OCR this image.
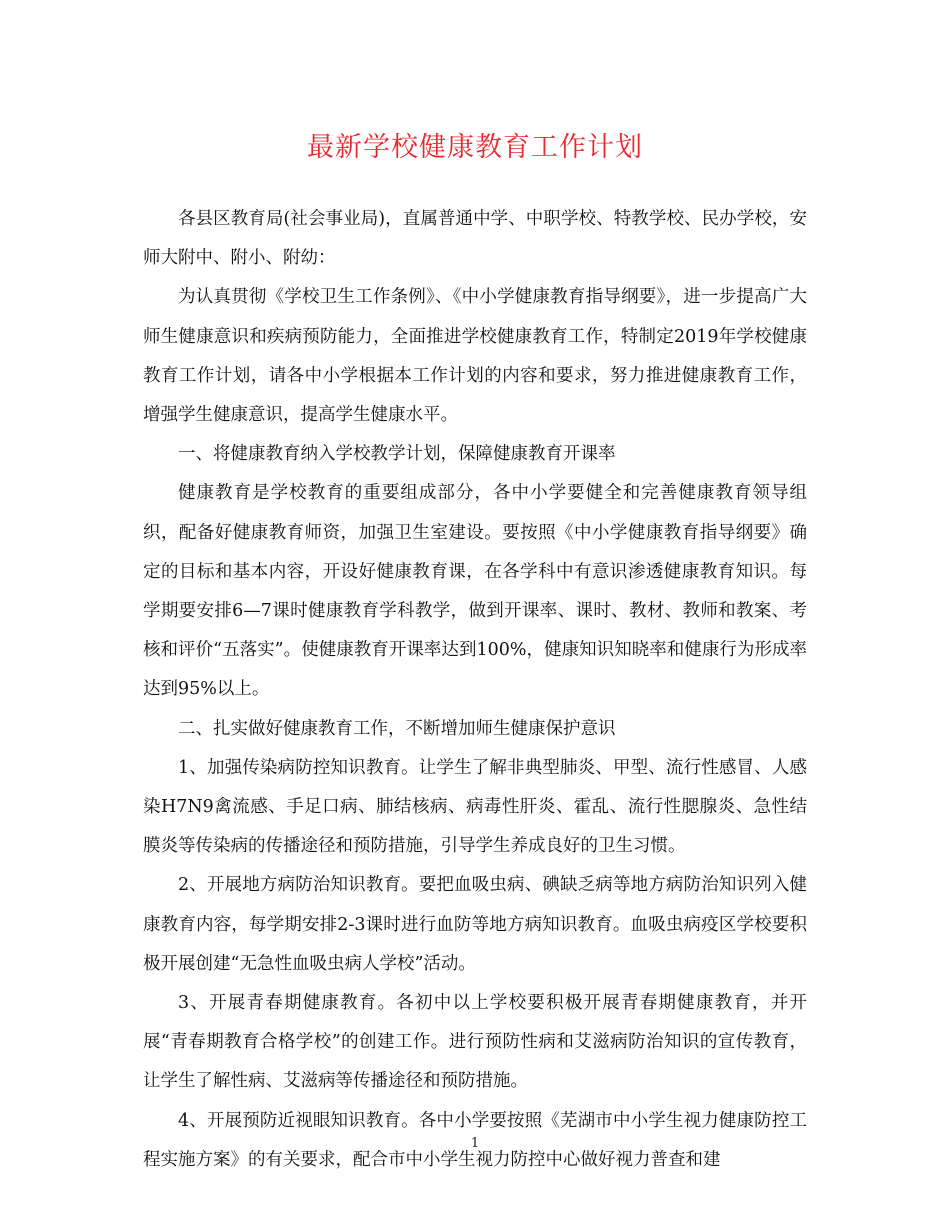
最新学校健康教育工作计划

各县区教育局(社会事业局)，直属普通中学、中职学校、特教学校、民办学校，安师大附中、附小、附幼：

为认真贯彻《学校卫生工作条例》、《中小学健康教育指导纲要》，进一步提高广大师生健康意识和疾病预防能力，全面推进学校健康教育工作，特制定2019年学校健康教育工作计划，请各中小学根据本工作计划的内容和要求，努力推进健康教育工作，增强学生健康意识，提高学生健康水平。

一、将健康教育纳入学校教学计划，保障健康教育开课率

健康教育是学校教育的重要组成部分，各中小学要健全和完善健康教育领导组织，配备好健康教育师资，加强卫生室建设。要按照《中小学健康教育指导纲要》确定的目标和基本内容，开设好健康教育课，在各学科中有意识渗透健康教育知识。每学期要安排6—7课时健康教育学科教学，做到开课率、课时、教材、教师和教案、考核和评价“五落实”。使健康教育开课率达到100%，健康知识知晓率和健康行为形成率达到95%以上。

二、扎实做好健康教育工作，不断增加师生健康保护意识

1、加强传染病防控知识教育。让学生了解非典型肺炎、甲型、流行性感冒、人感染H7N9禽流感、手足口病、肺结核病、病毒性肝炎、霍乱、流行性腮腺炎、急性结膜炎等传染病的传播途径和预防措施，引导学生养成良好的卫生习惯。

2、开展地方病防治知识教育。要把血吸虫病、碘缺乏病等地方病防治知识列入健康教育内容，每学期安排2-3课时进行血防等地方病知识教育。血吸虫病疫区学校要积极开展创建“无急性血吸虫病人学校”活动。

3、开展青春期健康教育。各初中以上学校要积极开展青春期健康教育，并开展“青春期教育合格学校”的创建工作。进行预防性病和艾滋病防治知识的宣传教育，让学生了解性病、艾滋病等传播途径和预防措施。

4、开展预防近视眼知识教育。各中小学要按照《芜湖市中小学生视力健康防控工程实施方案》的有关要求，配合市中小学生视力防控中心做好视力普查和建

1
